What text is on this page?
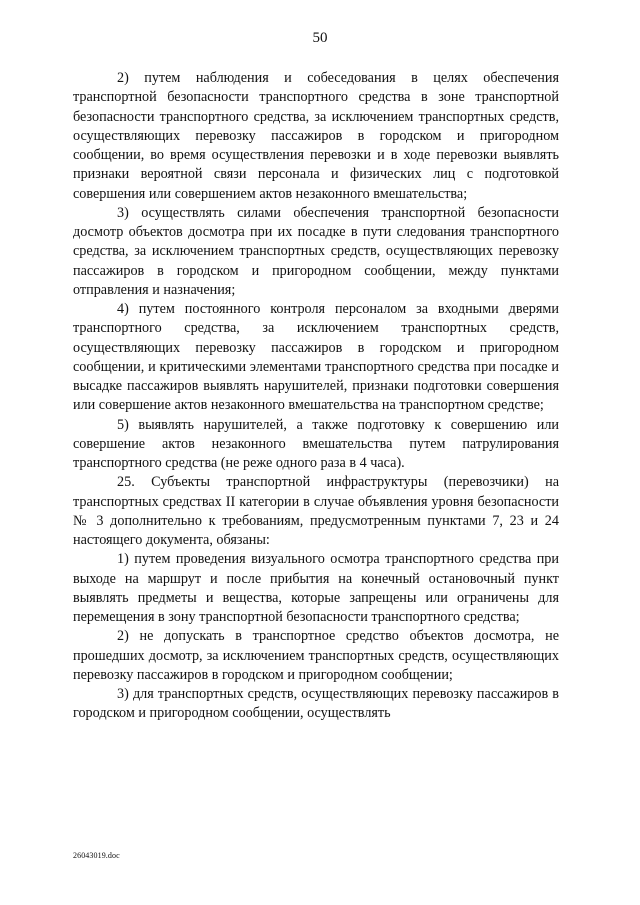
50

2) путем наблюдения и собеседования в целях обеспечения транспортной безопасности транспортного средства в зоне транспортной безопасности транспортного средства, за исключением транспортных средств, осуществляющих перевозку пассажиров в городском и пригородном сообщении, во время осуществления перевозки и в ходе перевозки выявлять признаки вероятной связи персонала и физических лиц с подготовкой совершения или совершением актов незаконного вмешательства;

3) осуществлять силами обеспечения транспортной безопасности досмотр объектов досмотра при их посадке в пути следования транспортного средства, за исключением транспортных средств, осуществляющих перевозку пассажиров в городском и пригородном сообщении, между пунктами отправления и назначения;

4) путем постоянного контроля персоналом за входными дверями транспортного средства, за исключением транспортных средств, осуществляющих перевозку пассажиров в городском и пригородном сообщении, и критическими элементами транспортного средства при посадке и высадке пассажиров выявлять нарушителей, признаки подготовки совершения или совершение актов незаконного вмешательства на транспортном средстве;

5) выявлять нарушителей, а также подготовку к совершению или совершение актов незаконного вмешательства путем патрулирования транспортного средства (не реже одного раза в 4 часа).

25. Субъекты транспортной инфраструктуры (перевозчики) на транспортных средствах II категории в случае объявления уровня безопасности № 3 дополнительно к требованиям, предусмотренным пунктами 7, 23 и 24 настоящего документа, обязаны:

1) путем проведения визуального осмотра транспортного средства при выходе на маршрут и после прибытия на конечный остановочный пункт выявлять предметы и вещества, которые запрещены или ограничены для перемещения в зону транспортной безопасности транспортного средства;

2) не допускать в транспортное средство объектов досмотра, не прошедших досмотр, за исключением транспортных средств, осуществляющих перевозку пассажиров в городском и пригородном сообщении;

3) для транспортных средств, осуществляющих перевозку пассажиров в городском и пригородном сообщении, осуществлять

26043019.doc
